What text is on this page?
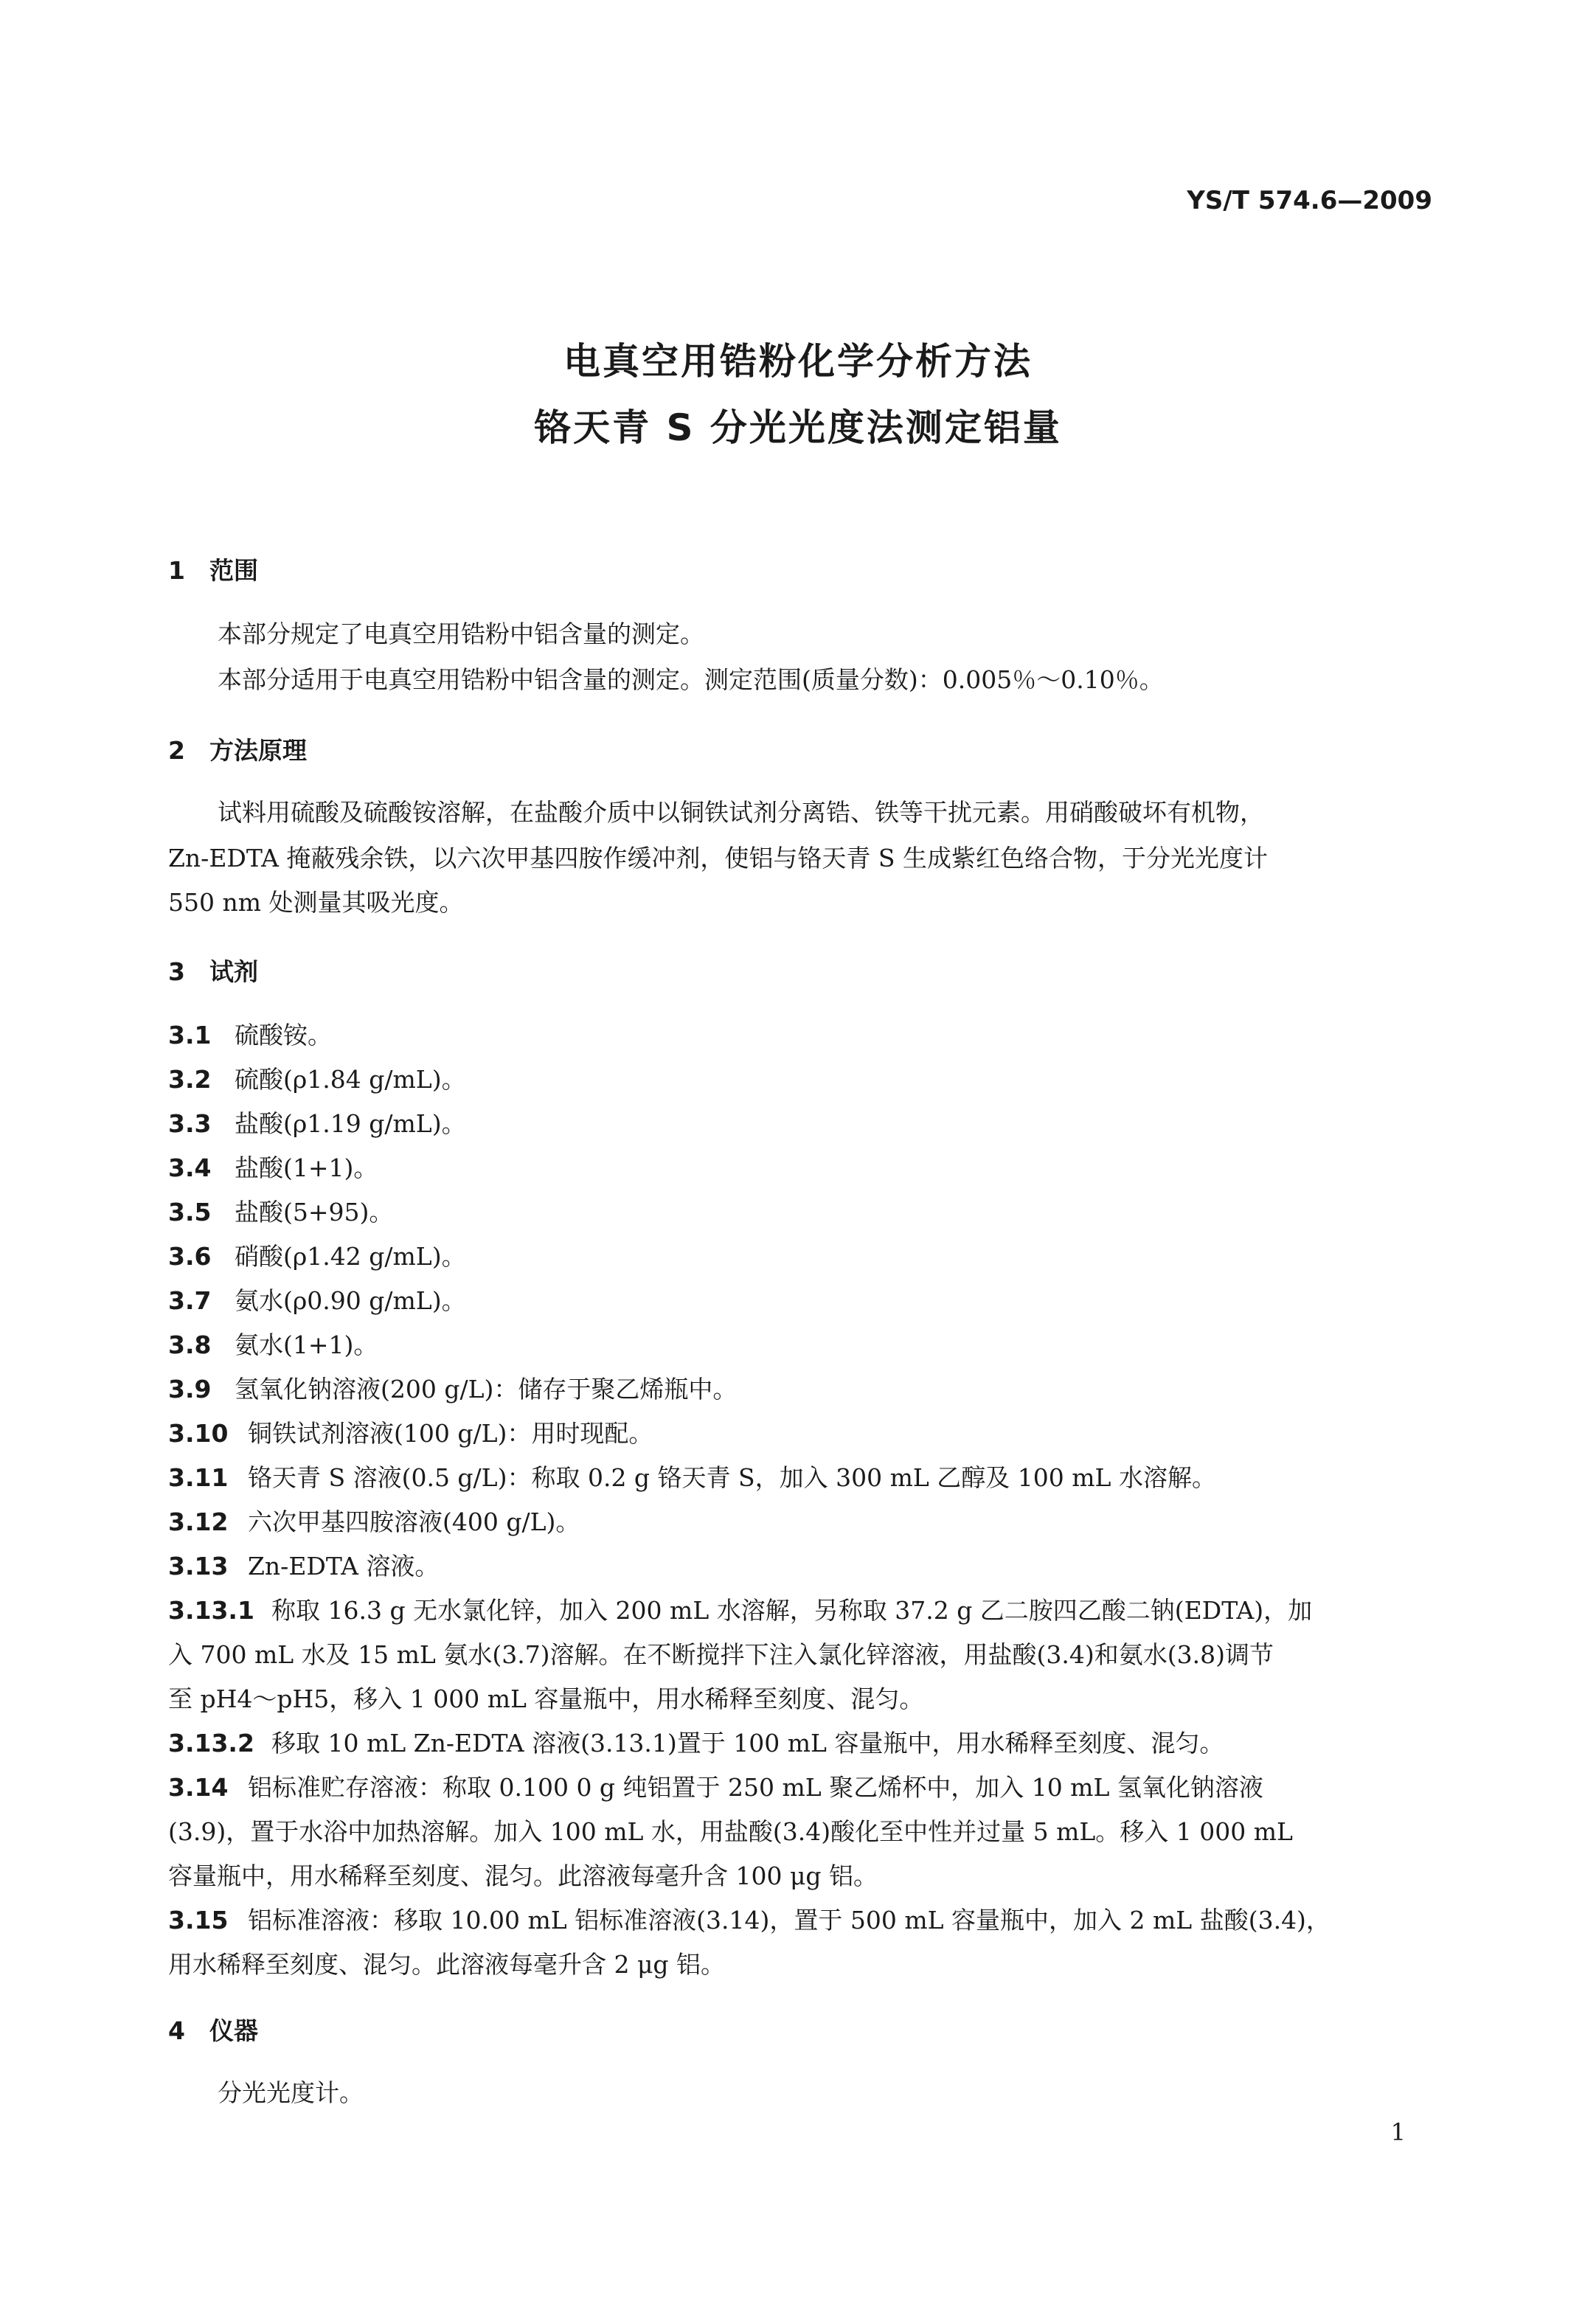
YS/T 574.6—2009
电真空用锆粉化学分析方法
铬天青 S 分光光度法测定铝量
1 范围
本部分规定了电真空用锆粉中铝含量的测定。
本部分适用于电真空用锆粉中铝含量的测定。测定范围(质量分数)：0.005％～0.10％。
2 方法原理
试料用硫酸及硫酸铵溶解，在盐酸介质中以铜铁试剂分离锆、铁等干扰元素。用硝酸破坏有机物，
Zn-EDTA 掩蔽残余铁，以六次甲基四胺作缓冲剂，使铝与铬天青 S 生成紫红色络合物，于分光光度计
550 nm 处测量其吸光度。
3 试剂
3.1 硫酸铵。
3.2 硫酸(ρ1.84 g/mL)。
3.3 盐酸(ρ1.19 g/mL)。
3.4 盐酸(1+1)。
3.5 盐酸(5+95)。
3.6 硝酸(ρ1.42 g/mL)。
3.7 氨水(ρ0.90 g/mL)。
3.8 氨水(1+1)。
3.9 氢氧化钠溶液(200 g/L)：储存于聚乙烯瓶中。
3.10 铜铁试剂溶液(100 g/L)：用时现配。
3.11 铬天青 S 溶液(0.5 g/L)：称取 0.2 g 铬天青 S，加入 300 mL 乙醇及 100 mL 水溶解。
3.12 六次甲基四胺溶液(400 g/L)。
3.13 Zn-EDTA 溶液。
3.13.1 称取 16.3 g 无水氯化锌，加入 200 mL 水溶解，另称取 37.2 g 乙二胺四乙酸二钠(EDTA)，加
入 700 mL 水及 15 mL 氨水(3.7)溶解。在不断搅拌下注入氯化锌溶液，用盐酸(3.4)和氨水(3.8)调节
至 pH4～pH5，移入 1 000 mL 容量瓶中，用水稀释至刻度、混匀。
3.13.2 移取 10 mL Zn-EDTA 溶液(3.13.1)置于 100 mL 容量瓶中，用水稀释至刻度、混匀。
3.14 铝标准贮存溶液：称取 0.100 0 g 纯铝置于 250 mL 聚乙烯杯中，加入 10 mL 氢氧化钠溶液
(3.9)，置于水浴中加热溶解。加入 100 mL 水，用盐酸(3.4)酸化至中性并过量 5 mL。移入 1 000 mL
容量瓶中，用水稀释至刻度、混匀。此溶液每毫升含 100 μg 铝。
3.15 铝标准溶液：移取 10.00 mL 铝标准溶液(3.14)，置于 500 mL 容量瓶中，加入 2 mL 盐酸(3.4)，
用水稀释至刻度、混匀。此溶液每毫升含 2 μg 铝。
4 仪器
分光光度计。
1
